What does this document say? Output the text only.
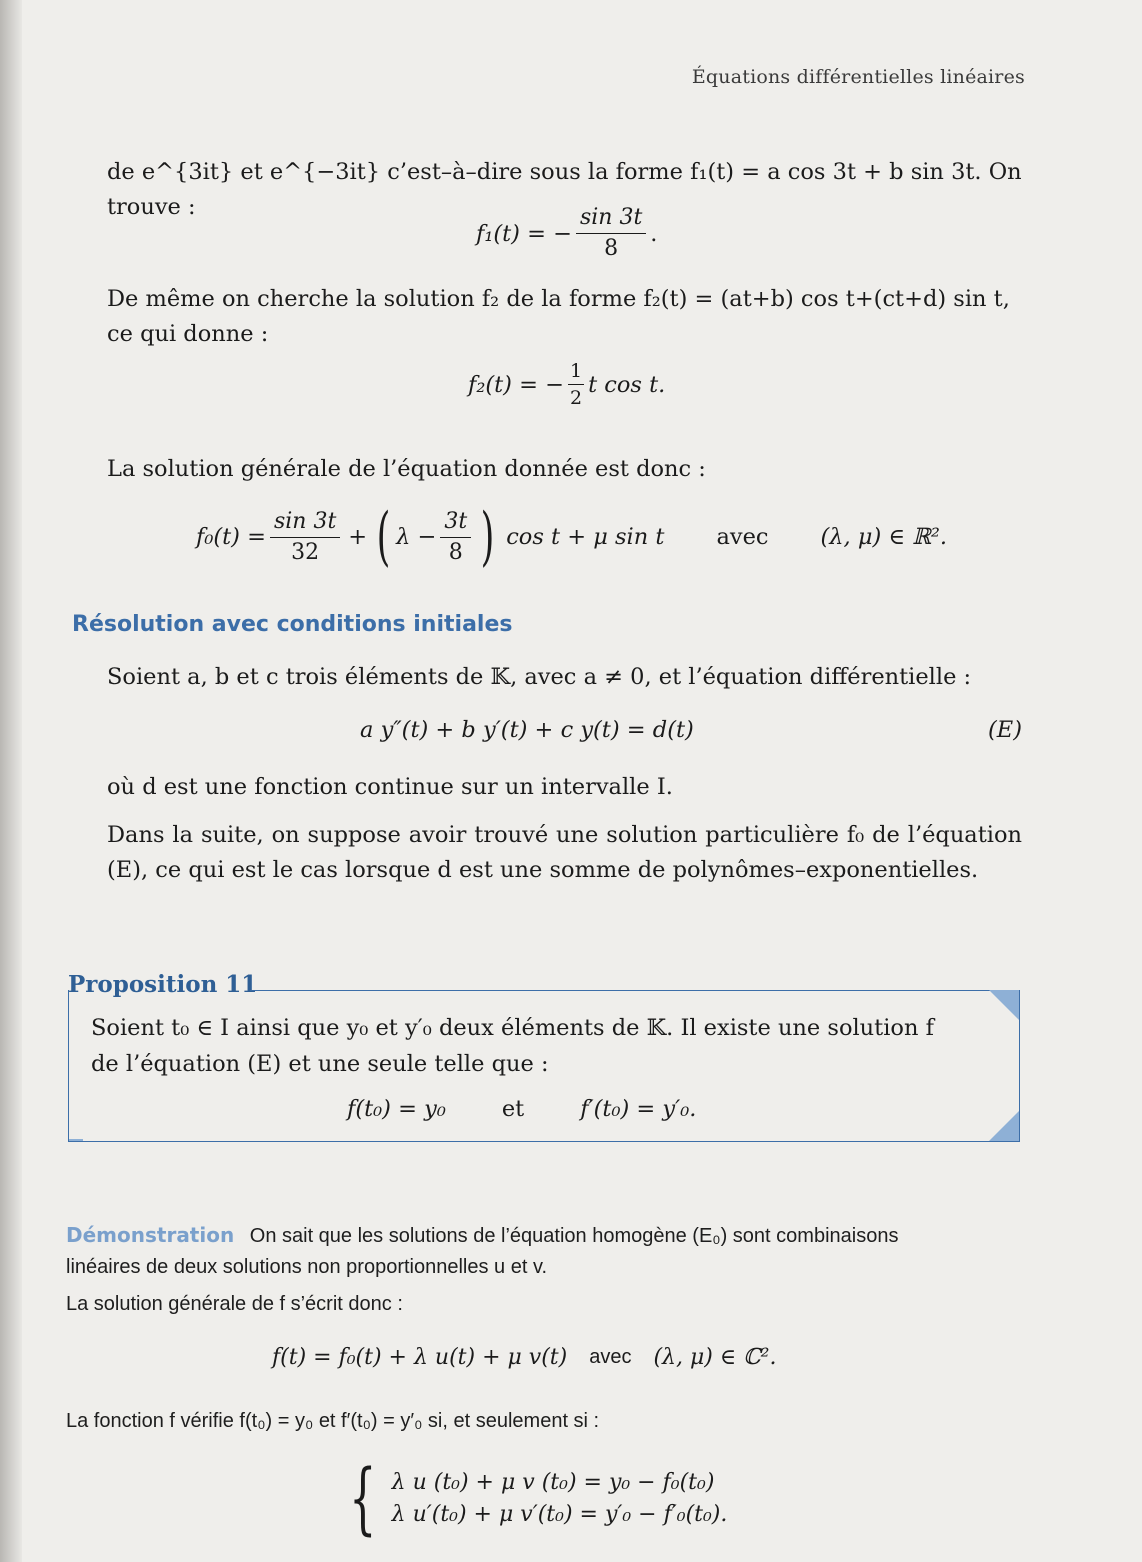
Équations différentielles linéaires
de e^{3it} et e^{−3it} c’est–à–dire sous la forme f₁(t) = a cos 3t + b sin 3t. On trouve :
f₁(t) = − $\frac{\sin 3t}{8}$ .
De même on cherche la solution f₂ de la forme f₂(t) = (at+b) cos t+(ct+d) sin t,
ce qui donne :
f₂(t) = − $\frac{1}{2}$ t cos t.
La solution générale de l’équation donnée est donc :
$f_0(t) = \frac{\sin 3t}{32}$ + ( $\lambda - \frac{3t}{8}$ ) cos t + μ sin t avec (λ, μ) ∈ ℝ².
Résolution avec conditions initiales
Soient a, b et c trois éléments de 𝕂, avec a ≠ 0, et l’équation différentielle :
a y″(t) + b y′(t) + c y(t) = d(t)	(E)
où d est une fonction continue sur un intervalle I.
Dans la suite, on suppose avoir trouvé une solution particulière f₀ de l’équation (E), ce qui est le cas lorsque d est une somme de polynômes–exponentielles.
Proposition 11
Soient t₀ ∈ I ainsi que y₀ et y′₀ deux éléments de 𝕂. Il existe une solution f
de l’équation (E) et une seule telle que :
f(t₀) = y₀ et f′(t₀) = y′₀.
Démonstration On sait que les solutions de l’équation homogène (E₀) sont combinaisons
linéaires de deux solutions non proportionnelles u et v.
La solution générale de f s’écrit donc :
f(t) = f₀(t) + λ u(t) + μ v(t) avec (λ, μ) ∈ ℂ².
La fonction f vérifie f(t₀) = y₀ et f′(t₀) = y′₀ si, et seulement si :
{ λ u (t₀) + μ v (t₀) = y₀ − f₀(t₀)
λ u′(t₀) + μ v′(t₀) = y′₀ − f′₀(t₀).
